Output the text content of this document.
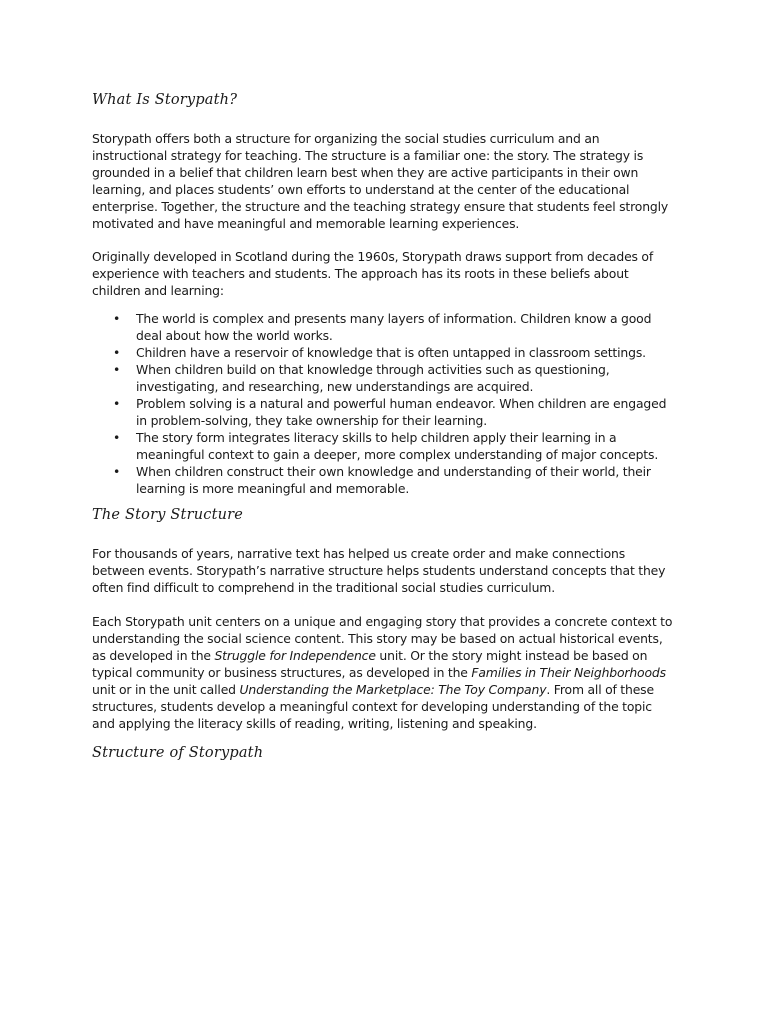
What Is Storypath?

Storypath offers both a structure for organizing the social studies curriculum and an instructional strategy for teaching. The structure is a familiar one: the story. The strategy is grounded in a belief that children learn best when they are active participants in their own learning, and places students’ own efforts to understand at the center of the educational enterprise. Together, the structure and the teaching strategy ensure that students feel strongly motivated and have meaningful and memorable learning experiences.

Originally developed in Scotland during the 1960s, Storypath draws support from decades of experience with teachers and students. The approach has its roots in these beliefs about children and learning:

• The world is complex and presents many layers of information. Children know a good deal about how the world works.
• Children have a reservoir of knowledge that is often untapped in classroom settings.
• When children build on that knowledge through activities such as questioning, investigating, and researching, new understandings are acquired.
• Problem solving is a natural and powerful human endeavor. When children are engaged in problem-solving, they take ownership for their learning.
• The story form integrates literacy skills to help children apply their learning in a meaningful context to gain a deeper, more complex understanding of major concepts.
• When children construct their own knowledge and understanding of their world, their learning is more meaningful and memorable.
The Story Structure

For thousands of years, narrative text has helped us create order and make connections between events. Storypath’s narrative structure helps students understand concepts that they often find difficult to comprehend in the traditional social studies curriculum.

Each Storypath unit centers on a unique and engaging story that provides a concrete context to understanding the social science content. This story may be based on actual historical events, as developed in the Struggle for Independence unit. Or the story might instead be based on typical community or business structures, as developed in the Families in Their Neighborhoods unit or in the unit called Understanding the Marketplace: The Toy Company. From all of these structures, students develop a meaningful context for developing understanding of the topic and applying the literacy skills of reading, writing, listening and speaking.

Structure of Storypath
